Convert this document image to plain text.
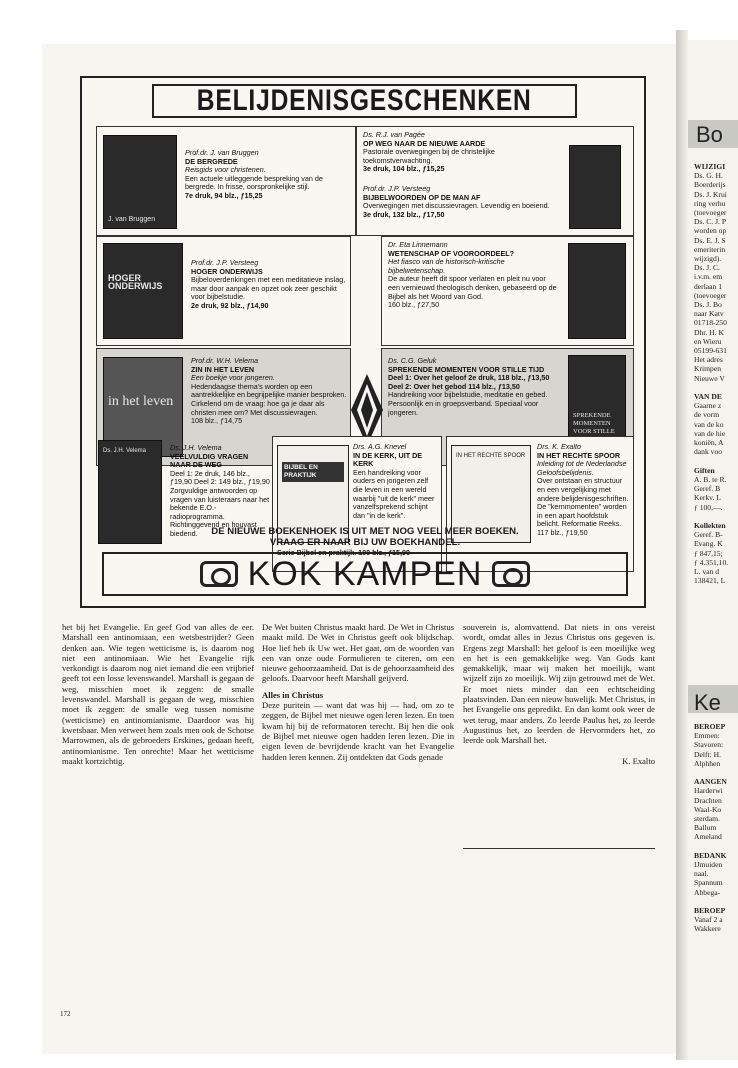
Bo
WIJZIGI
Ds. G. H.
Boerderijs
Ds. J. Krui
ring verhu
(toevoeger
Ds. C. J. P
worden op
Ds. E. J. S
emeriterin
wijzigd).
Ds. J. C.
i.v.m. em
derlaan 1
(toevoeger
Ds. J. Bo
naar Katv
01718-250
Dhr. H. K
en Wieru
05199-631
Het adres
Krimpen
Nieuwe V

VAN DE
Gaarne z
de vorm
van de ko
van de hie
koniën, A
dank voo

Giften
A. B. te R.
Geref. B
Kerkv. L
ƒ 100,—.

Kollekten
Geref. B-
Evang. K
ƒ 847,15;
ƒ 4.351,10.
L. van d
138421, L
Ke
BEROEP
Emmen:
Stavoren:
Delft: H.
Alphhen

AANGEN
Harderwi
Drachten
Waal-Ko
sterdam.
Ballum
Ameland

BEDANK
IJmuiden
naal.
Spannum
Abbega-

BEROEP
Vanaf 2 a
Wakkere
BELIJDENISGESCHENKEN
J. van Bruggen
Prof.dr. J. van Bruggen
DE BERGREDE
Reisgids voor christenen.
Een actuele uitleggende bespreking van de bergrede. In frisse, oorspronkelijke stijl.
7e druk, 94 blz., ƒ15,25
Ds. R.J. van Pagée
OP WEG NAAR DE NIEUWE AARDE
Pastorale overwegingen bij de christelijke toekomstverwachting.
3e druk, 104 blz., ƒ15,25
Prof.dr. J.P. Versteeg
BIJBELWOORDEN OP DE MAN AF
Overwegingen met discussievragen. Levendig en boeiend.
3e druk, 132 blz., ƒ17,50
HOGER ONDERWIJS
Prof.dr. J.P. Versteeg
HOGER ONDERWIJS
Bijbeloverdenkingen met een meditatieve inslag, maar door aanpak en opzet ook zeer geschikt voor bijbelstudie.
2e druk, 92 blz., ƒ14,90
Dr. Eta Linnemann
WETENSCHAP OF VOOROORDEEL?
Het fiasco van de historisch-kritische bijbelwetenschap.
De auteur heeft dit spoor verlaten en pleit nu voor een vernieuwd theologisch denken, gebaseerd op de Bijbel als het Woord van God.
160 blz., ƒ27,50
in het leven
Prof.dr. W.H. Velema
ZIN IN HET LEVEN
Een boekje voor jongeren.
Hedendaagse thema's worden op een aantrekkelijke en begrijpelijke manier besproken. Cirkelend om de vraag: hoe ga je daar als christen mee om? Met discussievragen.
108 blz., ƒ14,75
Ds. C.G. Geluk
SPREKENDE MOMENTEN VOOR STILLE TIJD
Deel 1: Over het geloof 2e druk, 118 blz., ƒ13,50 Deel 2: Over het gebod 114 blz., ƒ13,50
Handreiking voor bijbelstudie, meditatie en gebed. Persoonlijk en in groepsverband. Speciaal voor jongeren.	SPREKENDE MOMENTEN VOOR STILLE
Ds. J.H. Velema	Ds. J.H. Velema
VEELVULDIG VRAGEN NAAR DE WEG
Deel 1: 2e druk, 146 blz., ƒ19,90 Deel 2: 149 blz., ƒ19,90 Zorgvuldige antwoorden op vragen van luisteraars naar het bekende E.O.-radioprogramma. Richtinggevend en houvast biedend.
BIJBEL EN PRAKTIJK
Drs. A.G. Knevel
IN DE KERK, UIT DE KERK
Een handreiking voor ouders en jongeren zelf die leven in een wereld waarbij "uit de kerk" meer vanzelfsprekend schijnt dan "in de kerk".
Serie Bijbel en praktijk. 100 blz., ƒ15,90
IN HET RECHTE SPOOR
Drs. K. Exalto
IN HET RECHTE SPOOR
Inleiding tot de Nederlandse Geloofsbelijdenis.
Over ontstaan en structuur en een vergelijking met andere belijdenisgeschriften. De "kernmomenten" worden in een apart hoofdstuk belicht. Reformatie Reeks.
117 blz., ƒ19,50
DE NIEUWE BOEKENHOEK IS UIT MET NOG VEEL MEER BOEKEN.
VRAAG ER NAAR BIJ UW BOEKHANDEL.
KOK KAMPEN

het bij het Evangelie. En geef God van alles de eer. Marshall een antinomiaan, een wetsbestrijder? Geen denken aan. Wie tegen wetticisme is, is daarom nog niet een antinomiaan. Wie het Evangelie rijk verkondigt is daarom nog niet iemand die een vrijbrief geeft tot een losse levenswandel. Marshall is gegaan de weg, misschien moet ik zeggen: de smalle levenswandel. Marshall is gegaan de weg, misschien moet ik zeggen: de smalle weg tussen nomisme (wetticisme) en antinomianisme. Daardoor was hij kwetsbaar. Men verweet hem zoals men ook de Schotse Marrowmen, als de gebroeders Erskines, gedaan heeft, antinomianisme. Ten onrechte! Maar het wetticisme maakt kortzichtig.

De Wet buiten Christus maakt hard. De Wet in Christus maakt mild. De Wet in Christus geeft ook blijdschap. Hoe lief heb ik Uw wet. Het gaat, om de woorden van een van onze oude Formulieren te citeren, om een nieuwe gehoorzaamheid. Dat is de gehoorzaamheid des geloofs. Daarvoor heeft Marshall geijverd.

Alles in Christus

Deze puritein — want dat was hij — had, om zo te zeggen, de Bijbel met nieuwe ogen leren lezen. En toen kwam hij bij de reformatoren terecht. Bij hen die ook de Bijbel met nieuwe ogen hadden leren lezen. Die in eigen leven de bevrijdende kracht van het Evangelie hadden leren kennen. Zij ontdekten dat Gods genade

souverein is, alomvattend. Dat niets in ons vereist wordt, omdat alles in Jezus Christus ons gegeven is. Ergens zegt Marshall: het geloof is een moeilijke weg en het is een gemakkelijke weg. Van Gods kant gemakkelijk, maar wij maken het moeilijk, want wijzelf zijn zo moeilijk. Wij zijn getrouwd met de Wet. Er moet niets minder dan een echtscheiding plaatsvinden. Dan een nieuw huwelijk. Met Christus, in het Evangelie ons gepredikt. En dan komt ook weer de wet terug, maar anders. Zo leerde Paulus het, zo leerde Augustinus het, zo leerden de Hervormders het, zo leerde ook Marshall het.

K. Exalto

172
